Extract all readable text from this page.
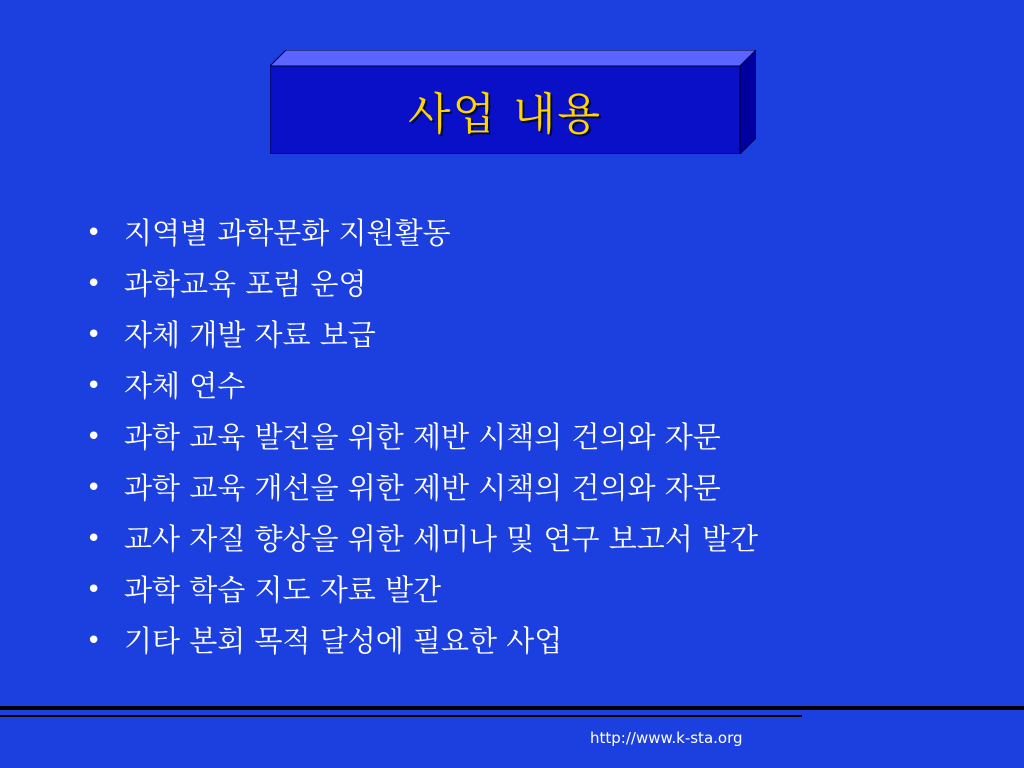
사업 내용
• 지역별 과학문화 지원활동
• 과학교육 포럼 운영
• 자체 개발 자료 보급
• 자체 연수
• 과학 교육 발전을 위한 제반 시책의 건의와 자문
• 과학 교육 개선을 위한 제반 시책의 건의와 자문
• 교사 자질 향상을 위한 세미나 및 연구 보고서 발간
• 과학 학습 지도 자료 발간
• 기타 본회 목적 달성에 필요한 사업
http://www.k-sta.org
